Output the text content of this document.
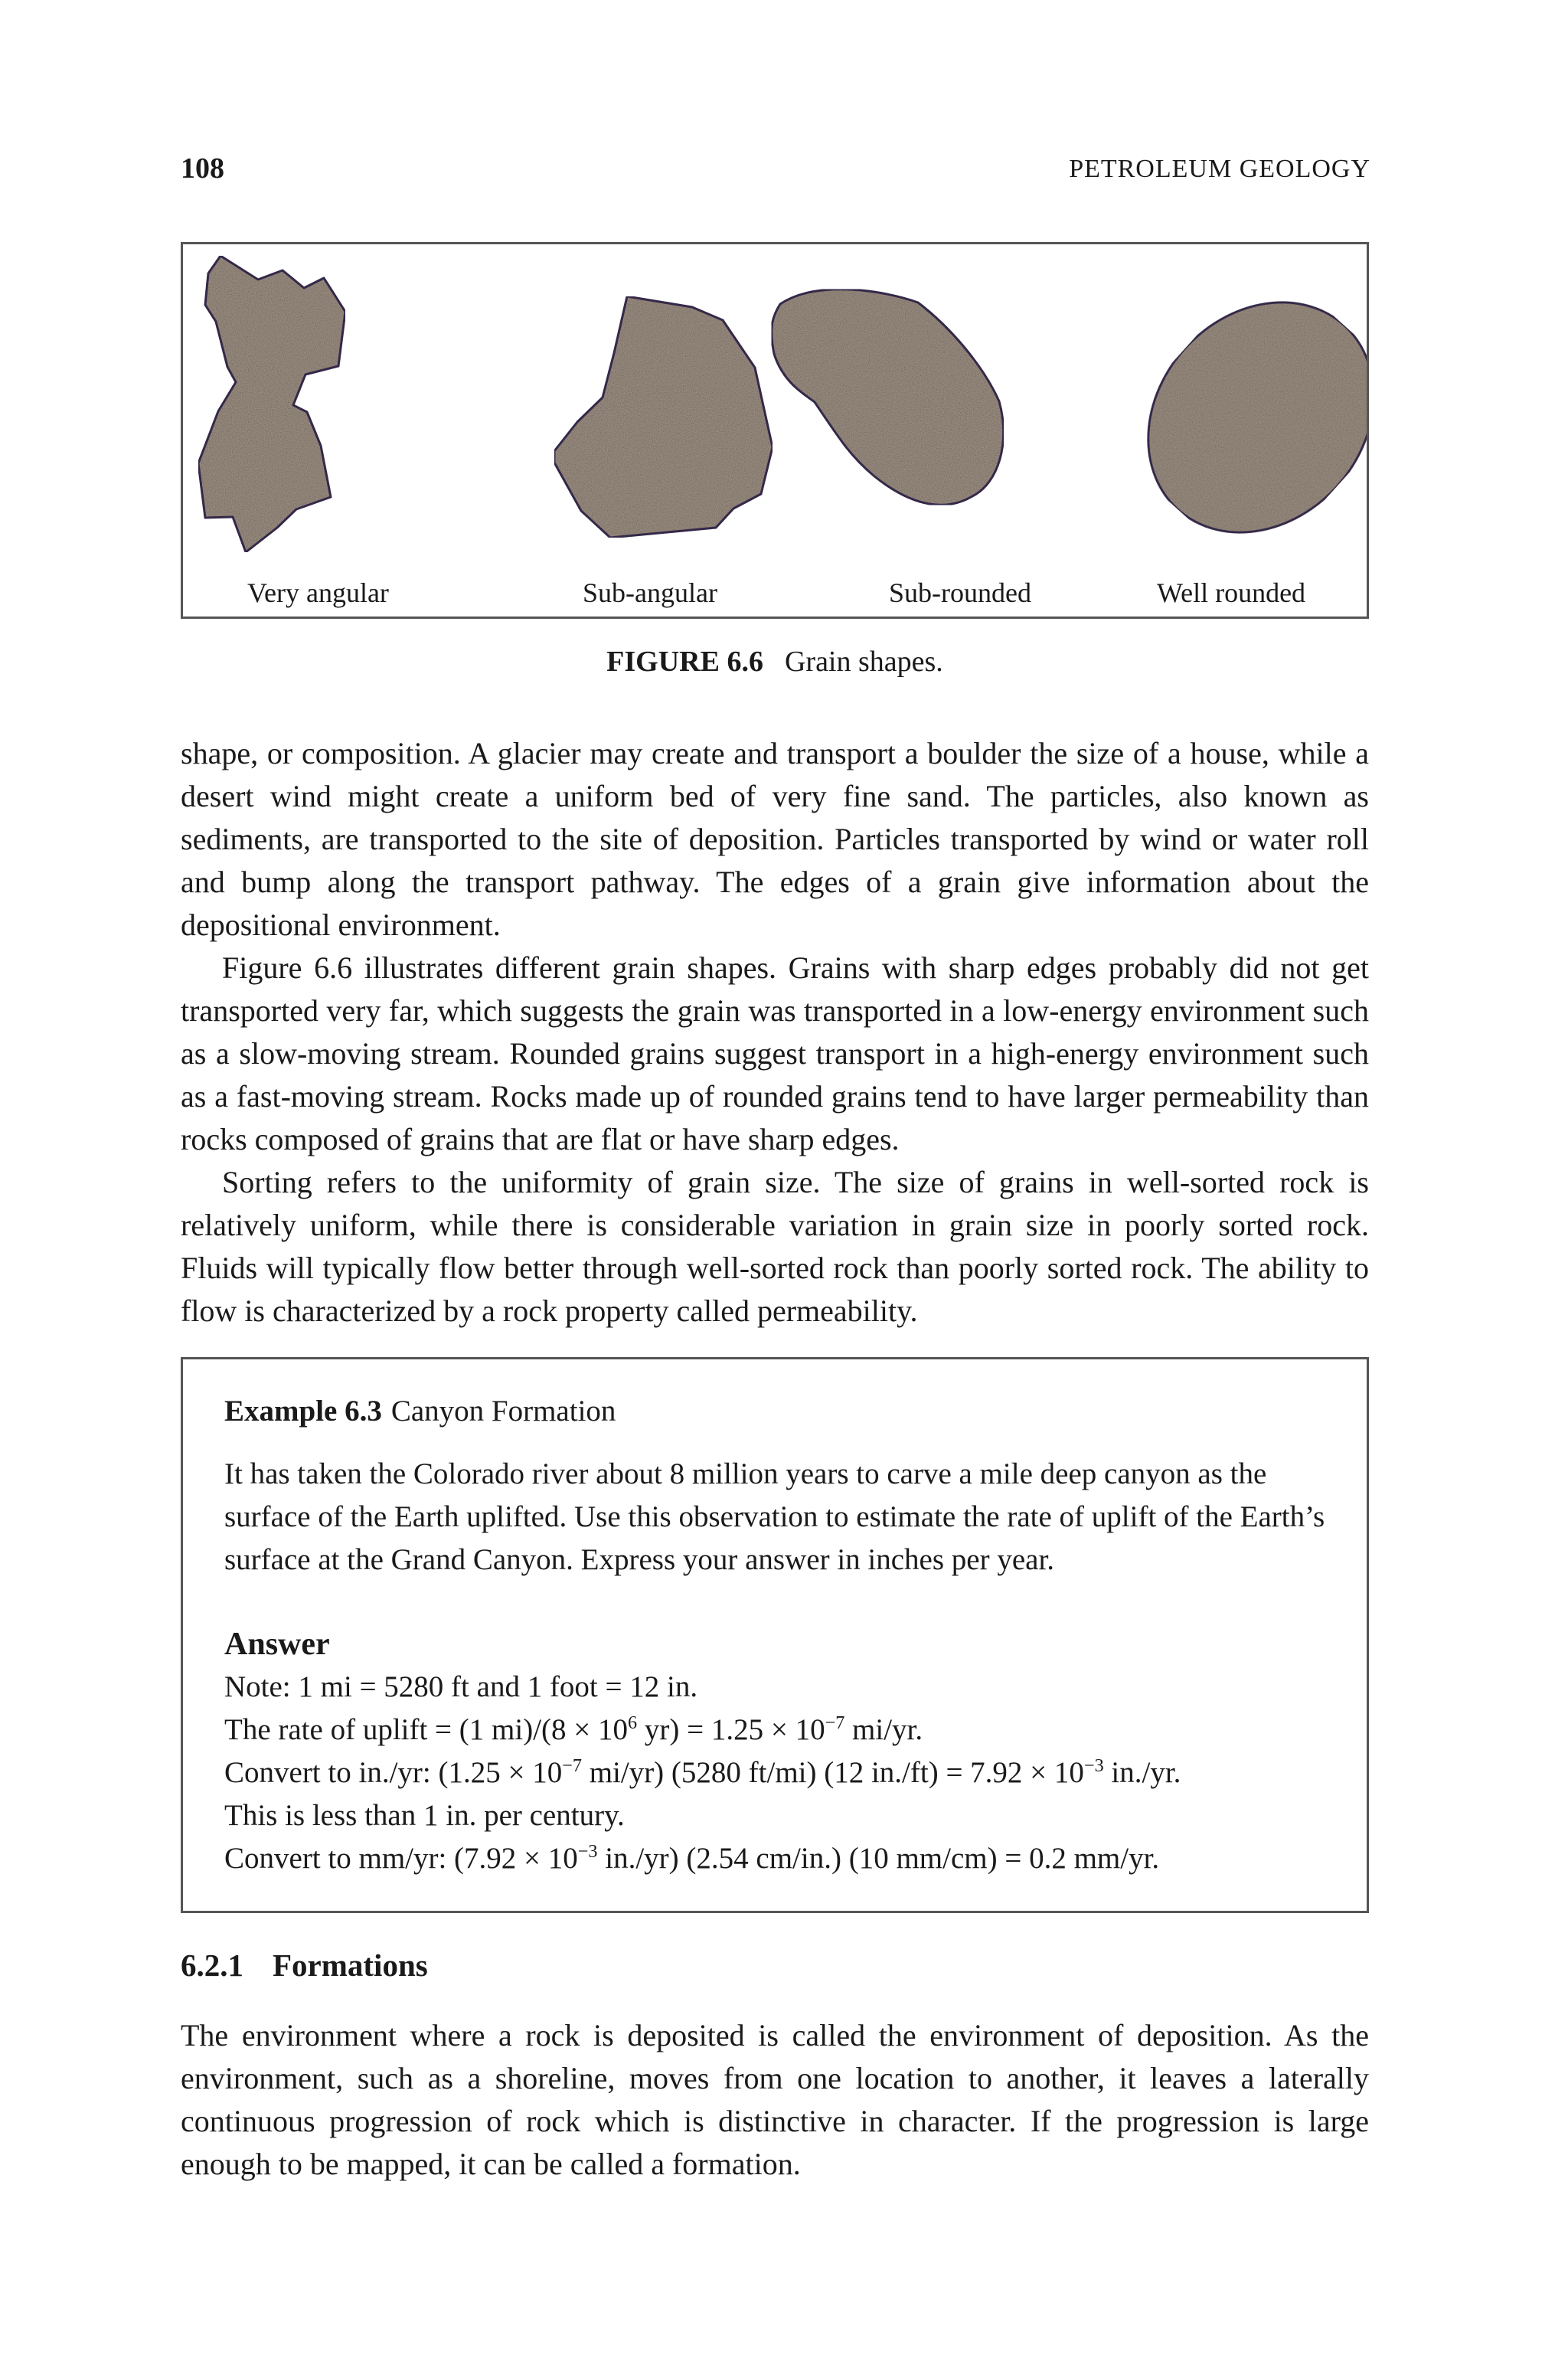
108	PETROLEUM GEOLOGY
Very angular	Sub-angular	Sub-rounded	Well rounded
FIGURE 6.6 Grain shapes.

shape, or composition. A glacier may create and transport a boulder the size of a house, while a desert wind might create a uniform bed of very fine sand. The particles, also known as sediments, are transported to the site of deposition. Particles transported by wind or water roll and bump along the transport pathway. The edges of a grain give information about the depositional environment.

Figure 6.6 illustrates different grain shapes. Grains with sharp edges probably did not get transported very far, which suggests the grain was transported in a low-energy environment such as a slow-moving stream. Rounded grains suggest transport in a high-energy environment such as a fast-moving stream. Rocks made up of rounded grains tend to have larger permeability than rocks composed of grains that are flat or have sharp edges.

Sorting refers to the uniformity of grain size. The size of grains in well-sorted rock is relatively uniform, while there is considerable variation in grain size in poorly sorted rock. Fluids will typically flow better through well-sorted rock than poorly sorted rock. The ability to flow is characterized by a rock property called permeability.

Example 6.3 Canyon Formation
It has taken the Colorado river about 8 million years to carve a mile deep canyon as the surface of the Earth uplifted. Use this observation to estimate the rate of uplift of the Earth’s surface at the Grand Canyon. Express your answer in inches per year.
Answer
Note: 1 mi = 5280 ft and 1 foot = 12 in.
The rate of uplift = (1 $mi)/(8 \times 10^6$ $yr) = 1.25 \times 10^{-7}$ mi/yr.
Convert to in./yr: ($1.25 \times 10^{-7}$ mi/yr) (5280 ft/mi) (12 $in./ft) = 7.92 \times 10^{-3}$ in./yr.
This is less than 1 in. per century.
Convert to mm/yr: ($7.92 \times 10^{-3}$ in./yr) (2.54 cm/in.) (10 mm/cm) = 0.2 mm/yr.
6.2.1 Formations

The environment where a rock is deposited is called the environment of deposition. As the environment, such as a shoreline, moves from one location to another, it leaves a laterally continuous progression of rock which is distinctive in character. If the progression is large enough to be mapped, it can be called a formation.
